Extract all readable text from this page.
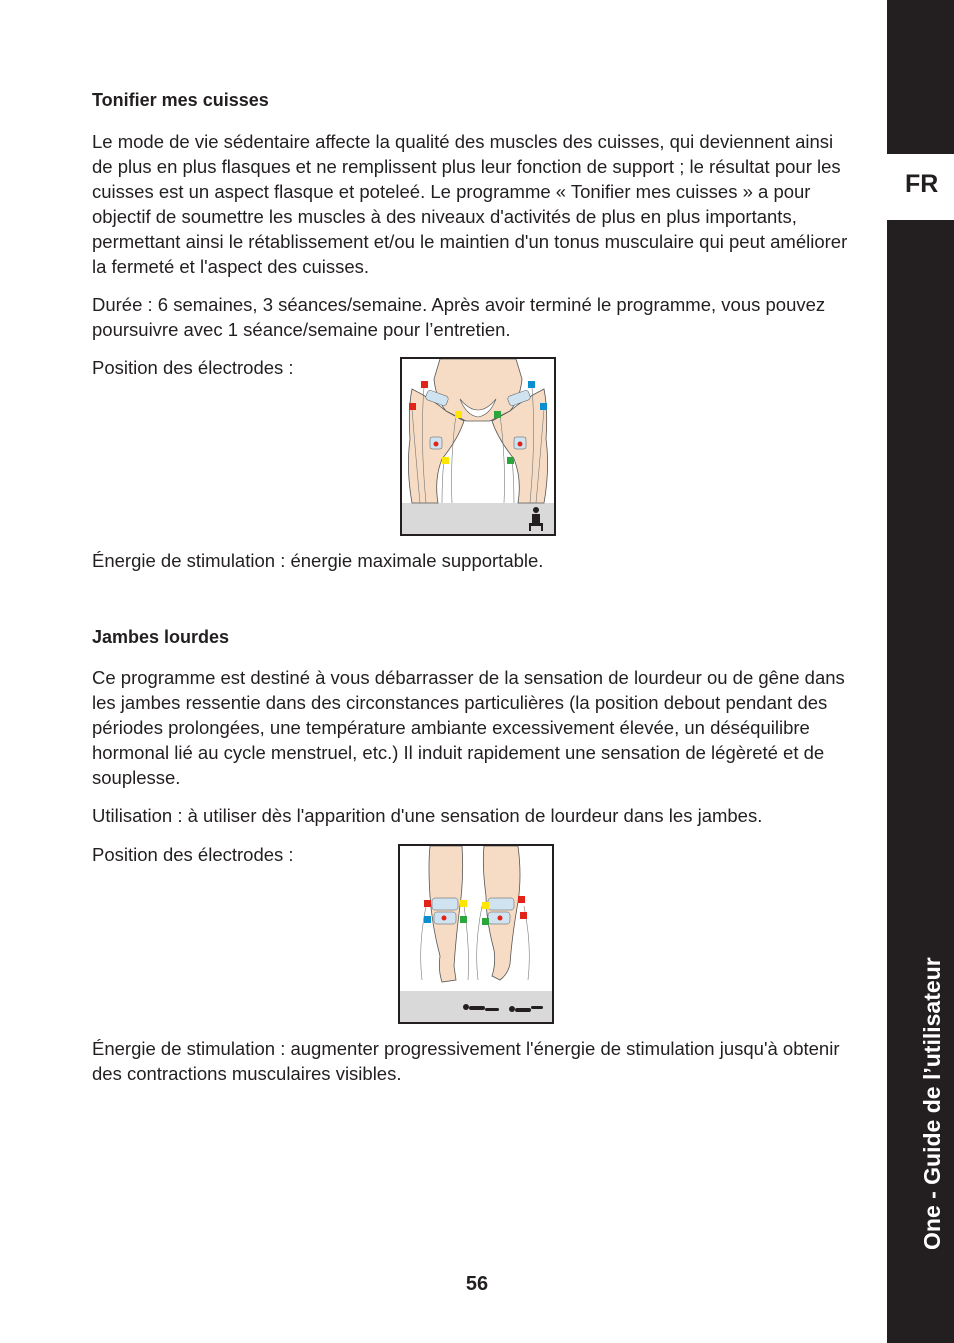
FR
One - Guide de l’utilisateur
Tonifier mes cuisses

Le mode de vie sédentaire affecte la qualité des muscles des cuisses, qui deviennent ainsi de plus en plus flasques et ne remplissent plus leur fonction de support ; le résultat pour les cuisses est un aspect flasque et poteleé. Le programme « Tonifier mes cuisses » a pour objectif de soumettre les muscles à des niveaux d'activités de plus en plus importants, permettant ainsi le rétablissement et/ou le maintien d'un tonus musculaire qui peut améliorer la fermeté et l'aspect des cuisses.

Durée : 6 semaines, 3 séances/semaine. Après avoir terminé le programme, vous pouvez poursuivre avec 1 séance/semaine pour l’entretien.

Position des électrodes :

Énergie de stimulation : énergie maximale supportable.

Jambes lourdes

Ce programme est destiné à vous débarrasser de la sensation de lourdeur ou de gêne dans les jambes ressentie dans des circonstances particulières (la position debout pendant des périodes prolongées, une température ambiante excessivement élevée, un déséquilibre hormonal lié au cycle menstruel, etc.) Il induit rapidement une sensation de légèreté et de souplesse.

Utilisation : à utiliser dès l'apparition d'une sensation de lourdeur dans les jambes.

Position des électrodes :

Énergie de stimulation : augmenter progressivement l'énergie de stimulation jusqu'à obtenir des contractions musculaires visibles.

56
